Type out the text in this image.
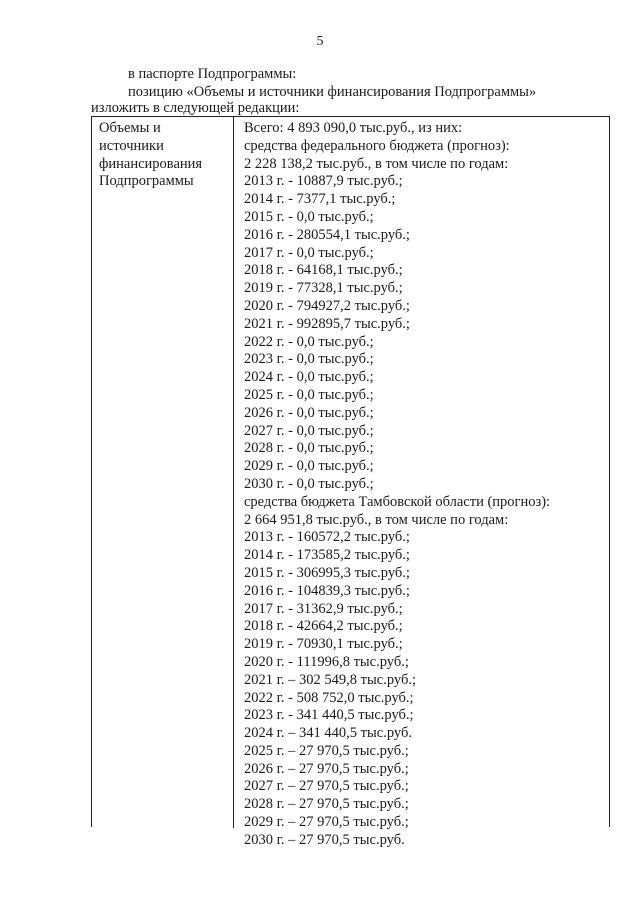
5
в паспорте Подпрограммы:
позицию «Объемы и источники финансирования Подпрограммы»
изложить в следующей редакции:
Объемы и
источники
финансирования
Подпрограммы
Всего: 4 893 090,0 тыс.руб., из них:
средства федерального бюджета (прогноз):
2 228 138,2 тыс.руб., в том числе по годам:
2013 г. - 10887,9 тыс.руб.;
2014 г. - 7377,1 тыс.руб.;
2015 г. - 0,0 тыс.руб.;
2016 г. - 280554,1 тыс.руб.;
2017 г. - 0,0 тыс.руб.;
2018 г. - 64168,1 тыс.руб.;
2019 г. - 77328,1 тыс.руб.;
2020 г. - 794927,2 тыс.руб.;
2021 г. - 992895,7 тыс.руб.;
2022 г. - 0,0 тыс.руб.;
2023 г. - 0,0 тыс.руб.;
2024 г. - 0,0 тыс.руб.;
2025 г. - 0,0 тыс.руб.;
2026 г. - 0,0 тыс.руб.;
2027 г. - 0,0 тыс.руб.;
2028 г. - 0,0 тыс.руб.;
2029 г. - 0,0 тыс.руб.;
2030 г. - 0,0 тыс.руб.;
средства бюджета Тамбовской области (прогноз):
2 664 951,8 тыс.руб., в том числе по годам:
2013 г. - 160572,2 тыс.руб.;
2014 г. - 173585,2 тыс.руб.;
2015 г. - 306995,3 тыс.руб.;
2016 г. - 104839,3 тыс.руб.;
2017 г. - 31362,9 тыс.руб.;
2018 г. - 42664,2 тыс.руб.;
2019 г. - 70930,1 тыс.руб.;
2020 г. - 111996,8 тыс.руб.;
2021 г. – 302 549,8 тыс.руб.;
2022 г. - 508 752,0 тыс.руб.;
2023 г. - 341 440,5 тыс.руб.;
2024 г. – 341 440,5 тыс.руб.
2025 г. – 27 970,5 тыс.руб.;
2026 г. – 27 970,5 тыс.руб.;
2027 г. – 27 970,5 тыс.руб.;
2028 г. – 27 970,5 тыс.руб.;
2029 г. – 27 970,5 тыс.руб.;
2030 г. – 27 970,5 тыс.руб.
